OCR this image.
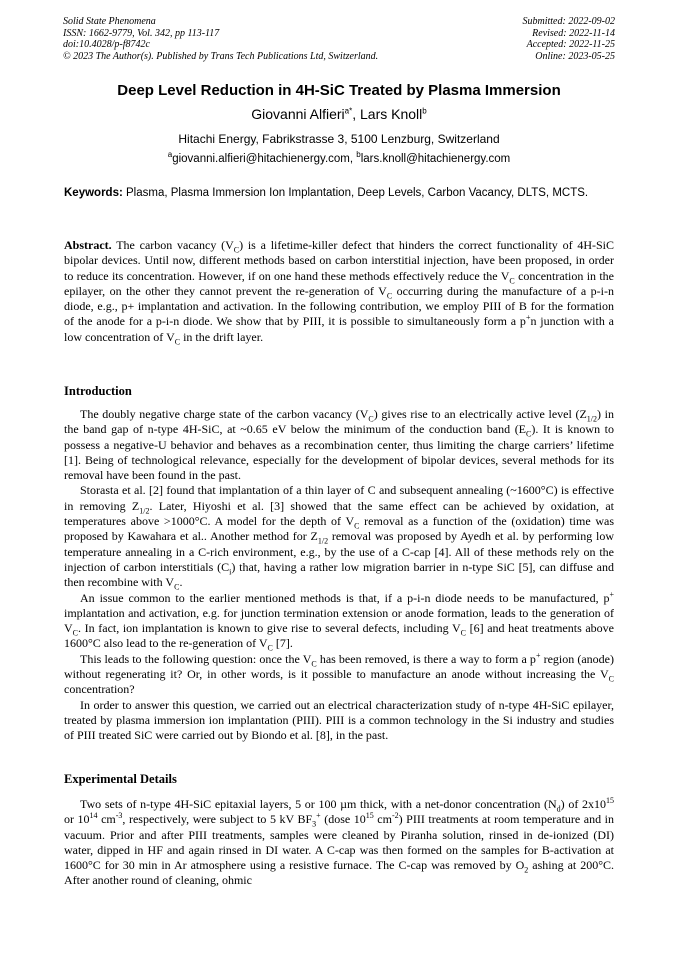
Solid State Phenomena
ISSN: 1662-9779, Vol. 342, pp 113-117
doi:10.4028/p-f8742c
© 2023 The Author(s). Published by Trans Tech Publications Ltd, Switzerland.
Submitted: 2022-09-02
Revised: 2022-11-14
Accepted: 2022-11-25
Online: 2023-05-25
Deep Level Reduction in 4H-SiC Treated by Plasma Immersion
Giovanni Alfieri$^{a*}$, Lars Knoll$^b$
Hitachi Energy, Fabrikstrasse 3, 5100 Lenzburg, Switzerland
$^a$giovanni.alfieri@hitachienergy.com, $^b$lars.knoll@hitachienergy.com
Keywords: Plasma, Plasma Immersion Ion Implantation, Deep Levels, Carbon Vacancy, DLTS, MCTS.

Abstract. The carbon vacancy $(V_C)$ is a lifetime-killer defect that hinders the correct functionality of 4H-SiC bipolar devices. Until now, different methods based on carbon interstitial injection, have been proposed, in order to reduce its concentration. However, if on one hand these methods effectively reduce the $V_C$ concentration in the epilayer, on the other they cannot prevent the re-generation of $V_C$ occurring during the manufacture of a p-i-n diode, e.g., p+ implantation and activation. In the following contribution, we employ PIII of B for the formation of the anode for a p-i-n diode. We show that by PIII, it is possible to simultaneously form a p+n junction with a low concentration of $V_C$ in the drift layer.

Introduction

The doubly negative charge state of the carbon vacancy $(V_C)$ gives rise to an electrically active level $(Z_{1/2})$ in the band gap of n-type 4H-SiC, at ~0.65 eV below the minimum of the conduction band $(E_C)$. It is known to possess a negative-U behavior and behaves as a recombination center, thus limiting the charge carriers’ lifetime [1]. Being of technological relevance, especially for the development of bipolar devices, several methods for its removal have been found in the past.

Storasta et al. [2] found that implantation of a thin layer of C and subsequent annealing (~1600°C) is effective in removing $Z_{1/2}$. Later, Hiyoshi et al. [3] showed that the same effect can be achieved by oxidation, at temperatures above >1000°C. A model for the depth of $V_C$ removal as a function of the (oxidation) time was proposed by Kawahara et al.. Another method for $Z_{1/2}$ removal was proposed by Ayedh et al. by performing low temperature annealing in a C-rich environment, e.g., by the use of a C-cap [4]. All of these methods rely on the injection of carbon interstitials $(C_i)$ that, having a rather low migration barrier in n-type SiC [5], can diffuse and then recombine with $V_C$.

An issue common to the earlier mentioned methods is that, if a p-i-n diode needs to be manufactured, p+ implantation and activation, e.g. for junction termination extension or anode formation, leads to the generation of $V_C$. In fact, ion implantation is known to give rise to several defects, including $V_C$ [6] and heat treatments above 1600°C also lead to the re-generation of $V_C$ [7].

This leads to the following question: once the $V_C$ has been removed, is there a way to form a p+ region (anode) without regenerating it? Or, in other words, is it possible to manufacture an anode without increasing the $V_C$ concentration?

In order to answer this question, we carried out an electrical characterization study of n-type 4H-SiC epilayer, treated by plasma immersion ion implantation (PIII). PIII is a common technology in the Si industry and studies of PIII treated SiC were carried out by Biondo et al. [8], in the past.

Experimental Details

Two sets of n-type 4H-SiC epitaxial layers, 5 or 100 µm thick, with a net-donor concentration $(N_d)$ of $2x10^{15}$ or $10^{14}$ $cm^{-3}$, respectively, were subject to 5 kV $BF_3^+$ (dose $10^{15}$ $cm^{-2}$) PIII treatments at room temperature and in vacuum. Prior and after PIII treatments, samples were cleaned by Piranha solution, rinsed in de-ionized (DI) water, dipped in HF and again rinsed in DI water. A C-cap was then formed on the samples for B-activation at 1600°C for 30 min in Ar atmosphere using a resistive furnace. The C-cap was removed by $O_2$ ashing at 200°C. After another round of cleaning, ohmic
